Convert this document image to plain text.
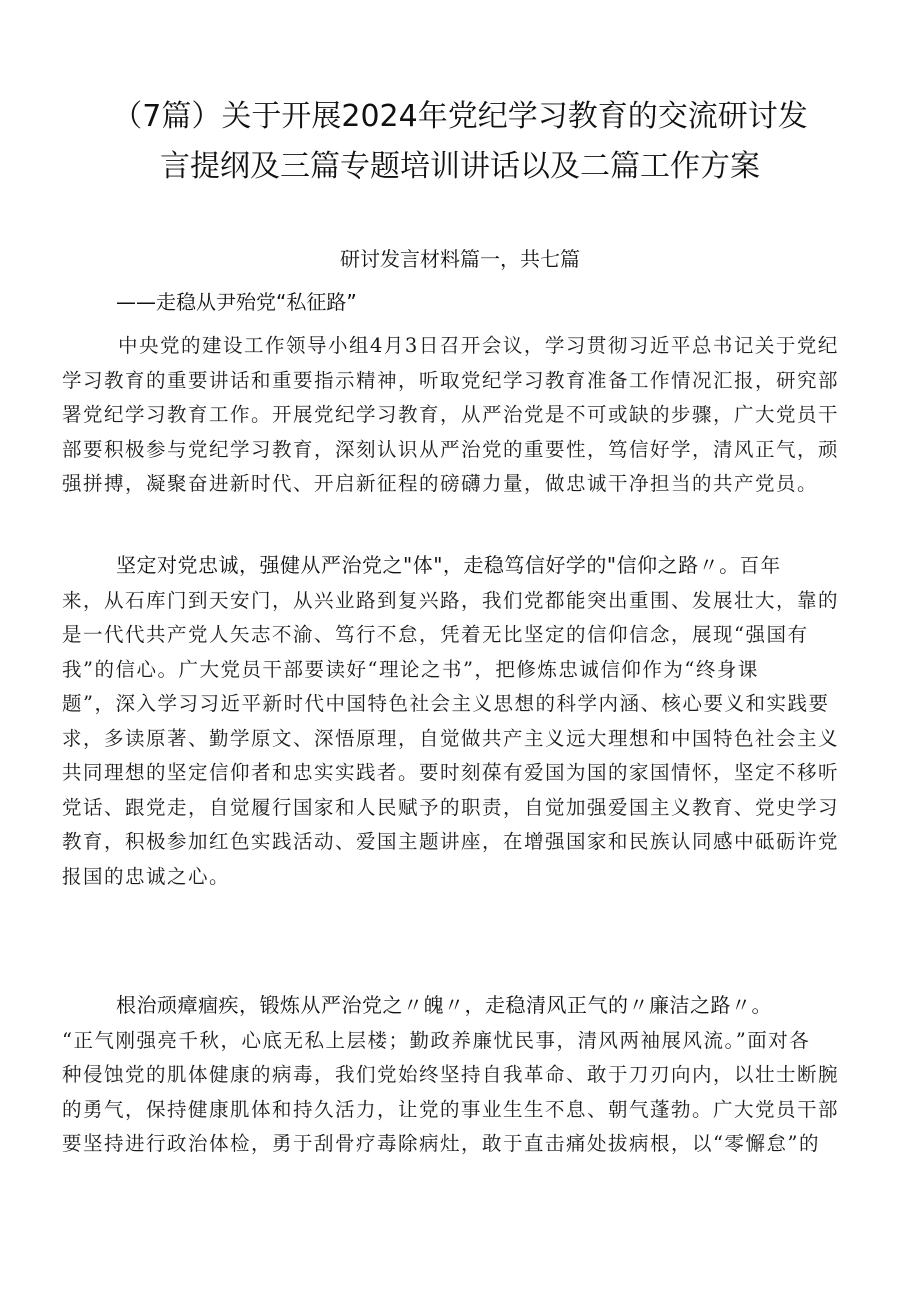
（7篇）关于开展2024年党纪学习教育的交流研讨发
言提纲及三篇专题培训讲话以及二篇工作方案
研讨发言材料篇一，共七篇
——走稳从尹殆党“私征路”
中央党的建设工作领导小组4月3日召开会议，学习贯彻习近平总书记关于党纪
学习教育的重要讲话和重要指示精神，听取党纪学习教育准备工作情况汇报，研究部
署党纪学习教育工作。开展党纪学习教育，从严治党是不可或缺的步骤，广大党员干
部要积极参与党纪学习教育，深刻认识从严治党的重要性，笃信好学，清风正气，顽
强拼搏，凝聚奋进新时代、开启新征程的磅礴力量，做忠诚干净担当的共产党员。
坚定对党忠诚，强健从严治党之"体"，走稳笃信好学的"信仰之路〃。百年
来，从石库门到天安门，从兴业路到复兴路，我们党都能突出重围、发展壮大，靠的
是一代代共产党人矢志不渝、笃行不怠，凭着无比坚定的信仰信念，展现“强国有
我”的信心。广大党员干部要读好“理论之书”，把修炼忠诚信仰作为“终身课
题”，深入学习习近平新时代中国特色社会主义思想的科学内涵、核心要义和实践要
求，多读原著、勤学原文、深悟原理，自觉做共产主义远大理想和中国特色社会主义
共同理想的坚定信仰者和忠实实践者。要时刻葆有爱国为国的家国情怀，坚定不移听
党话、跟党走，自觉履行国家和人民赋予的职责，自觉加强爱国主义教育、党史学习
教育，积极参加红色实践活动、爱国主题讲座，在增强国家和民族认同感中砥砺许党
报国的忠诚之心。
根治顽瘴痼疾，锻炼从严治党之〃魄〃，走稳清风正气的〃廉洁之路〃。
“正气刚强亮千秋，心底无私上层楼；勤政养廉忧民事，清风两袖展风流。”面对各
种侵蚀党的肌体健康的病毒，我们党始终坚持自我革命、敢于刀刃向内，以壮士断腕
的勇气，保持健康肌体和持久活力，让党的事业生生不息、朝气蓬勃。广大党员干部
要坚持进行政治体检，勇于刮骨疗毒除病灶，敢于直击痛处拔病根，以“零懈怠”的
